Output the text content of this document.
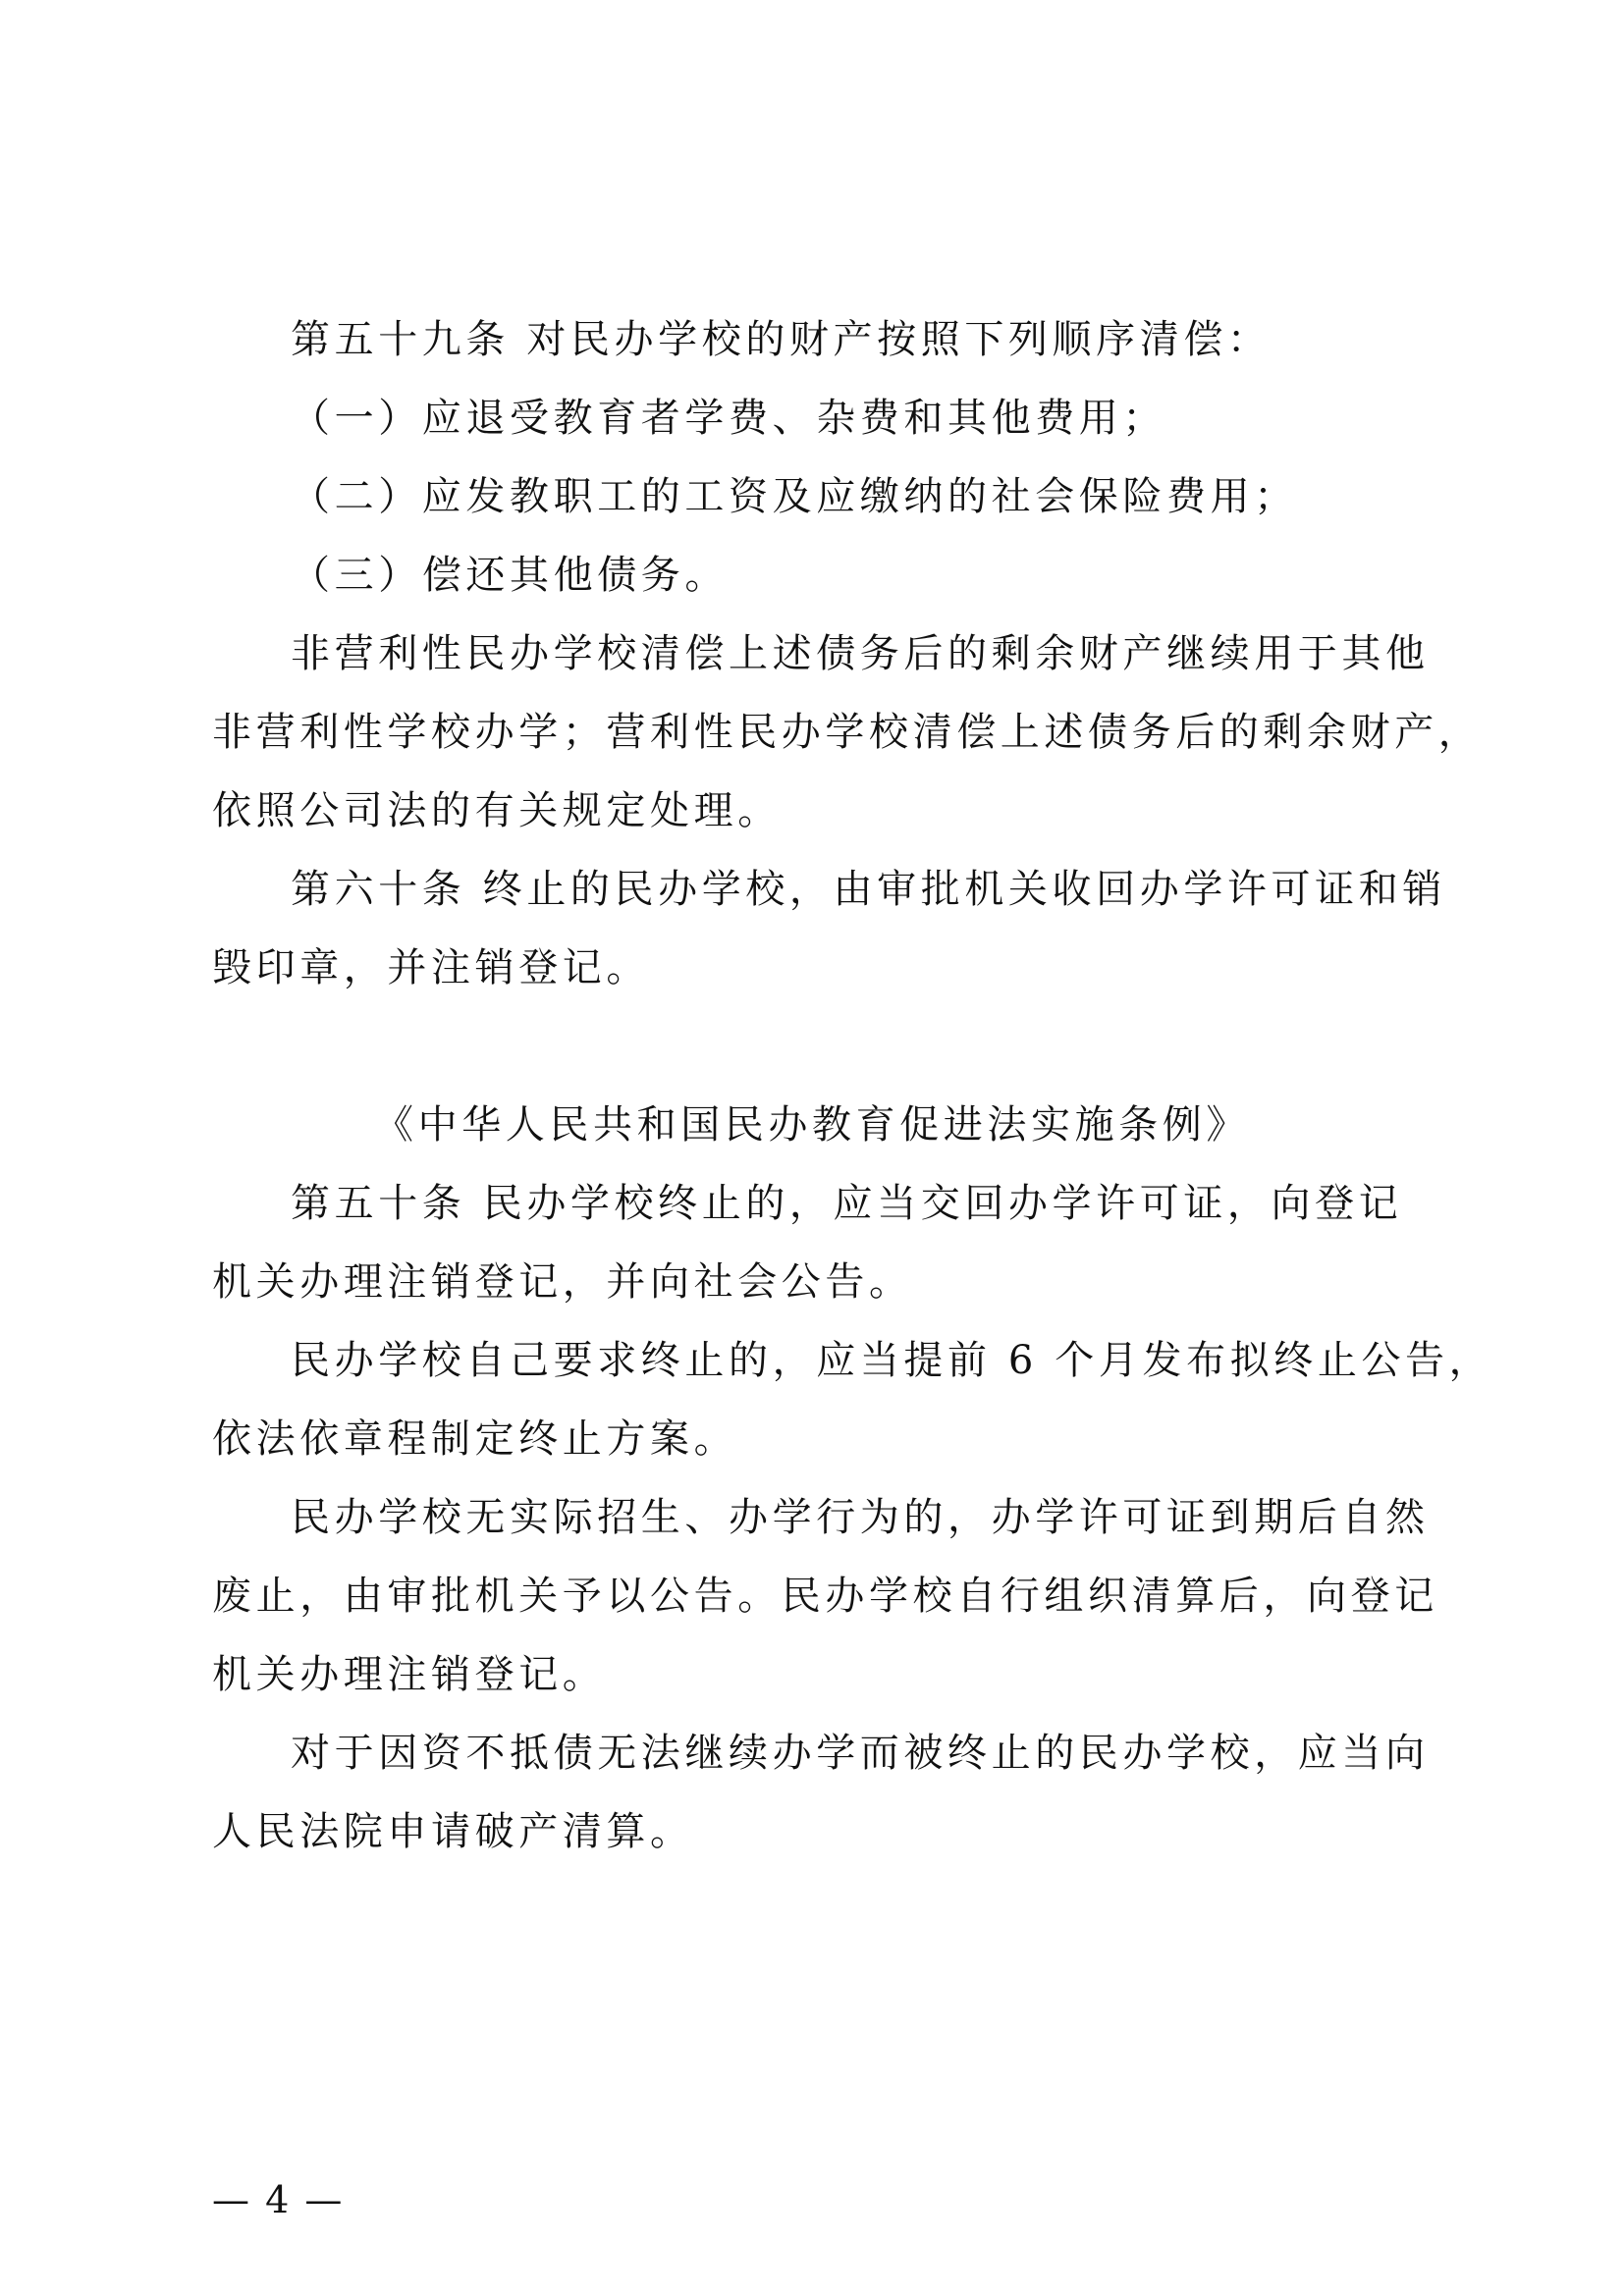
第五十九条 对民办学校的财产按照下列顺序清偿：
（一）应退受教育者学费、杂费和其他费用；
（二）应发教职工的工资及应缴纳的社会保险费用；
（三）偿还其他债务。
非营利性民办学校清偿上述债务后的剩余财产继续用于其他
非营利性学校办学；营利性民办学校清偿上述债务后的剩余财产，
依照公司法的有关规定处理。
第六十条 终止的民办学校，由审批机关收回办学许可证和销
毁印章，并注销登记。
《中华人民共和国民办教育促进法实施条例》
第五十条 民办学校终止的，应当交回办学许可证，向登记
机关办理注销登记，并向社会公告。
民办学校自己要求终止的，应当提前 6 个月发布拟终止公告，
依法依章程制定终止方案。
民办学校无实际招生、办学行为的，办学许可证到期后自然
废止，由审批机关予以公告。民办学校自行组织清算后，向登记
机关办理注销登记。
对于因资不抵债无法继续办学而被终止的民办学校，应当向
人民法院申请破产清算。
— 4 —
